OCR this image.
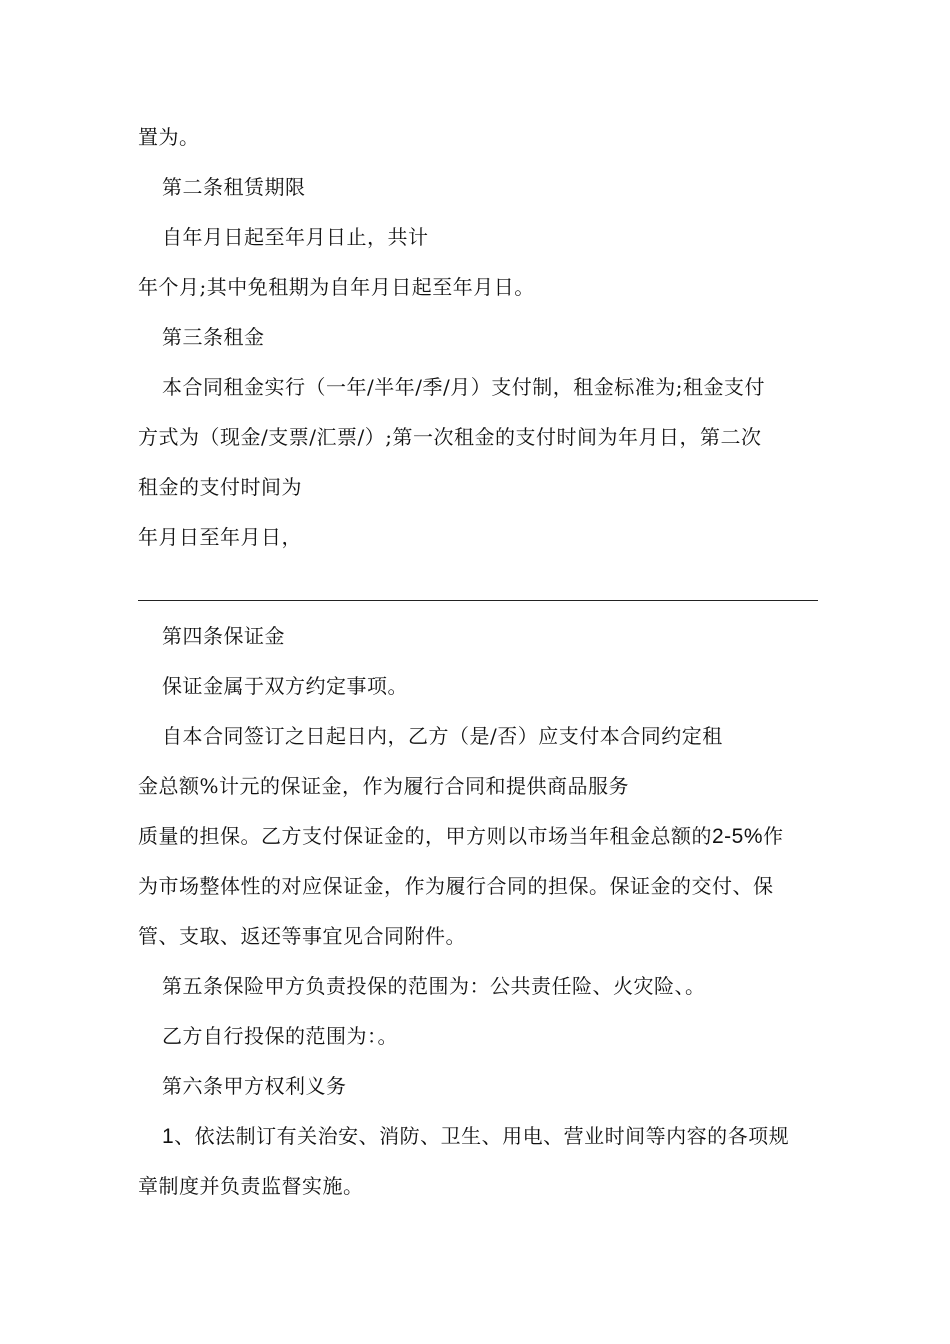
置为。
第二条租赁期限
自年月日起至年月日止，共计
年个月;其中免租期为自年月日起至年月日。
第三条租金
本合同租金实行（一年/半年/季/月）支付制，租金标准为;租金支付
方式为（现金/支票/汇票/）;第一次租金的支付时间为年月日，第二次
租金的支付时间为
年月日至年月日，
第四条保证金
保证金属于双方约定事项。
自本合同签订之日起日内，乙方（是/否）应支付本合同约定租
金总额%计元的保证金，作为履行合同和提供商品服务
质量的担保。乙方支付保证金的，甲方则以市场当年租金总额的2-5%作
为市场整体性的对应保证金，作为履行合同的担保。保证金的交付、保
管、支取、返还等事宜见合同附件。
第五条保险甲方负责投保的范围为：公共责任险、火灾险、。
乙方自行投保的范围为：。
第六条甲方权利义务
1、依法制订有关治安、消防、卫生、用电、营业时间等内容的各项规
章制度并负责监督实施。
